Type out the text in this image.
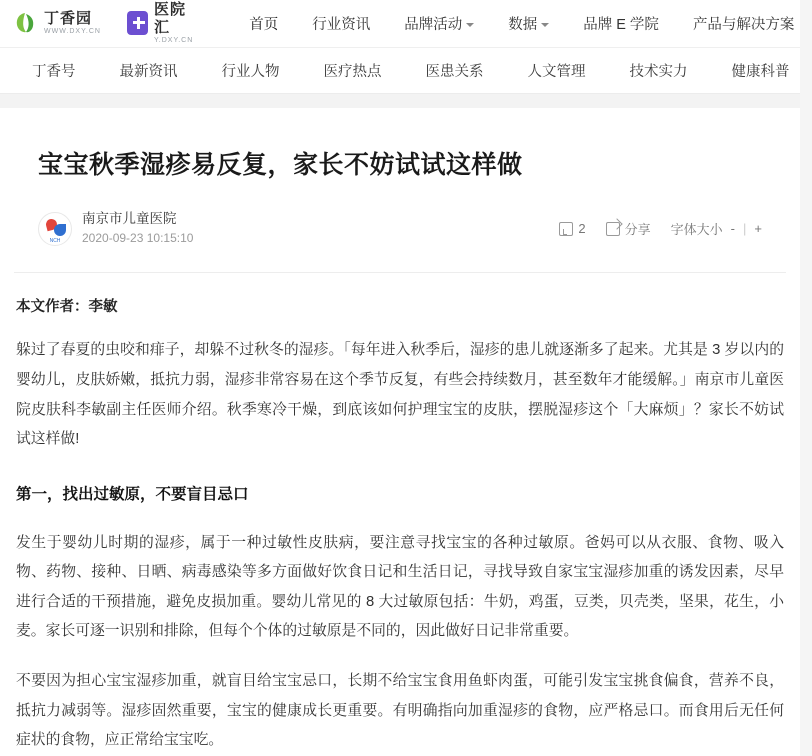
丁香园
WWW.DXY.CN
医院汇
Y.DXY.CN
首页 行业资讯 品牌活动	数据	品牌 E 学院 产品与解决方案
丁香号	最新资讯	行业人物	医疗热点	医患关系	人文管理	技术实力	健康科普
宝宝秋季湿疹易反复，家长不妨试试这样做
NCH
南京市儿童医院
2020-09-23 10:15:10
2	分享 字体大小 - | +
本文作者：李敏

躲过了春夏的虫咬和痱子，却躲不过秋冬的湿疹。「每年进入秋季后，湿疹的患儿就逐渐多了起来。尤其是 3 岁以内的婴幼儿，皮肤娇嫩，抵抗力弱，湿疹非常容易在这个季节反复，有些会持续数月，甚至数年才能缓解。」南京市儿童医院皮肤科李敏副主任医师介绍。秋季寒冷干燥，到底该如何护理宝宝的皮肤，摆脱湿疹这个「大麻烦」？家长不妨试试这样做!

第一，找出过敏原，不要盲目忌口

发生于婴幼儿时期的湿疹，属于一种过敏性皮肤病，要注意寻找宝宝的各种过敏原。爸妈可以从衣服、食物、吸入物、药物、接种、日晒、病毒感染等多方面做好饮食日记和生活日记，寻找导致自家宝宝湿疹加重的诱发因素，尽早进行合适的干预措施，避免皮损加重。婴幼儿常见的 8 大过敏原包括：牛奶，鸡蛋，豆类，贝壳类，坚果，花生，小麦。家长可逐一识别和排除，但每个个体的过敏原是不同的，因此做好日记非常重要。

不要因为担心宝宝湿疹加重，就盲目给宝宝忌口，长期不给宝宝食用鱼虾肉蛋，可能引发宝宝挑食偏食，营养不良，抵抗力减弱等。湿疹固然重要，宝宝的健康成长更重要。有明确指向加重湿疹的食物，应严格忌口。而食用后无任何症状的食物，应正常给宝宝吃。
